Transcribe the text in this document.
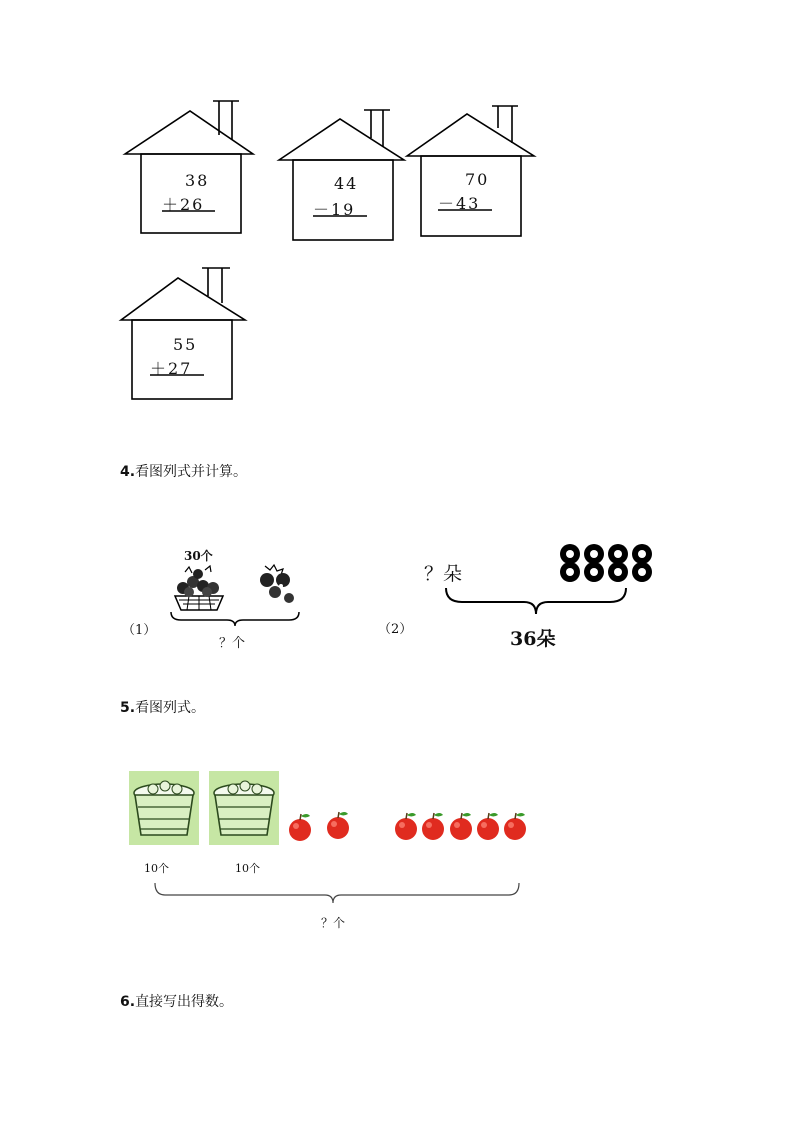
38
＋26
44
－19
70
－43
55
＋27
4.看图列式并计算。
（1）
30个
？个
（2）
？朵
36朵
5.看图列式。
10个	10个
？个
6.直接写出得数。
